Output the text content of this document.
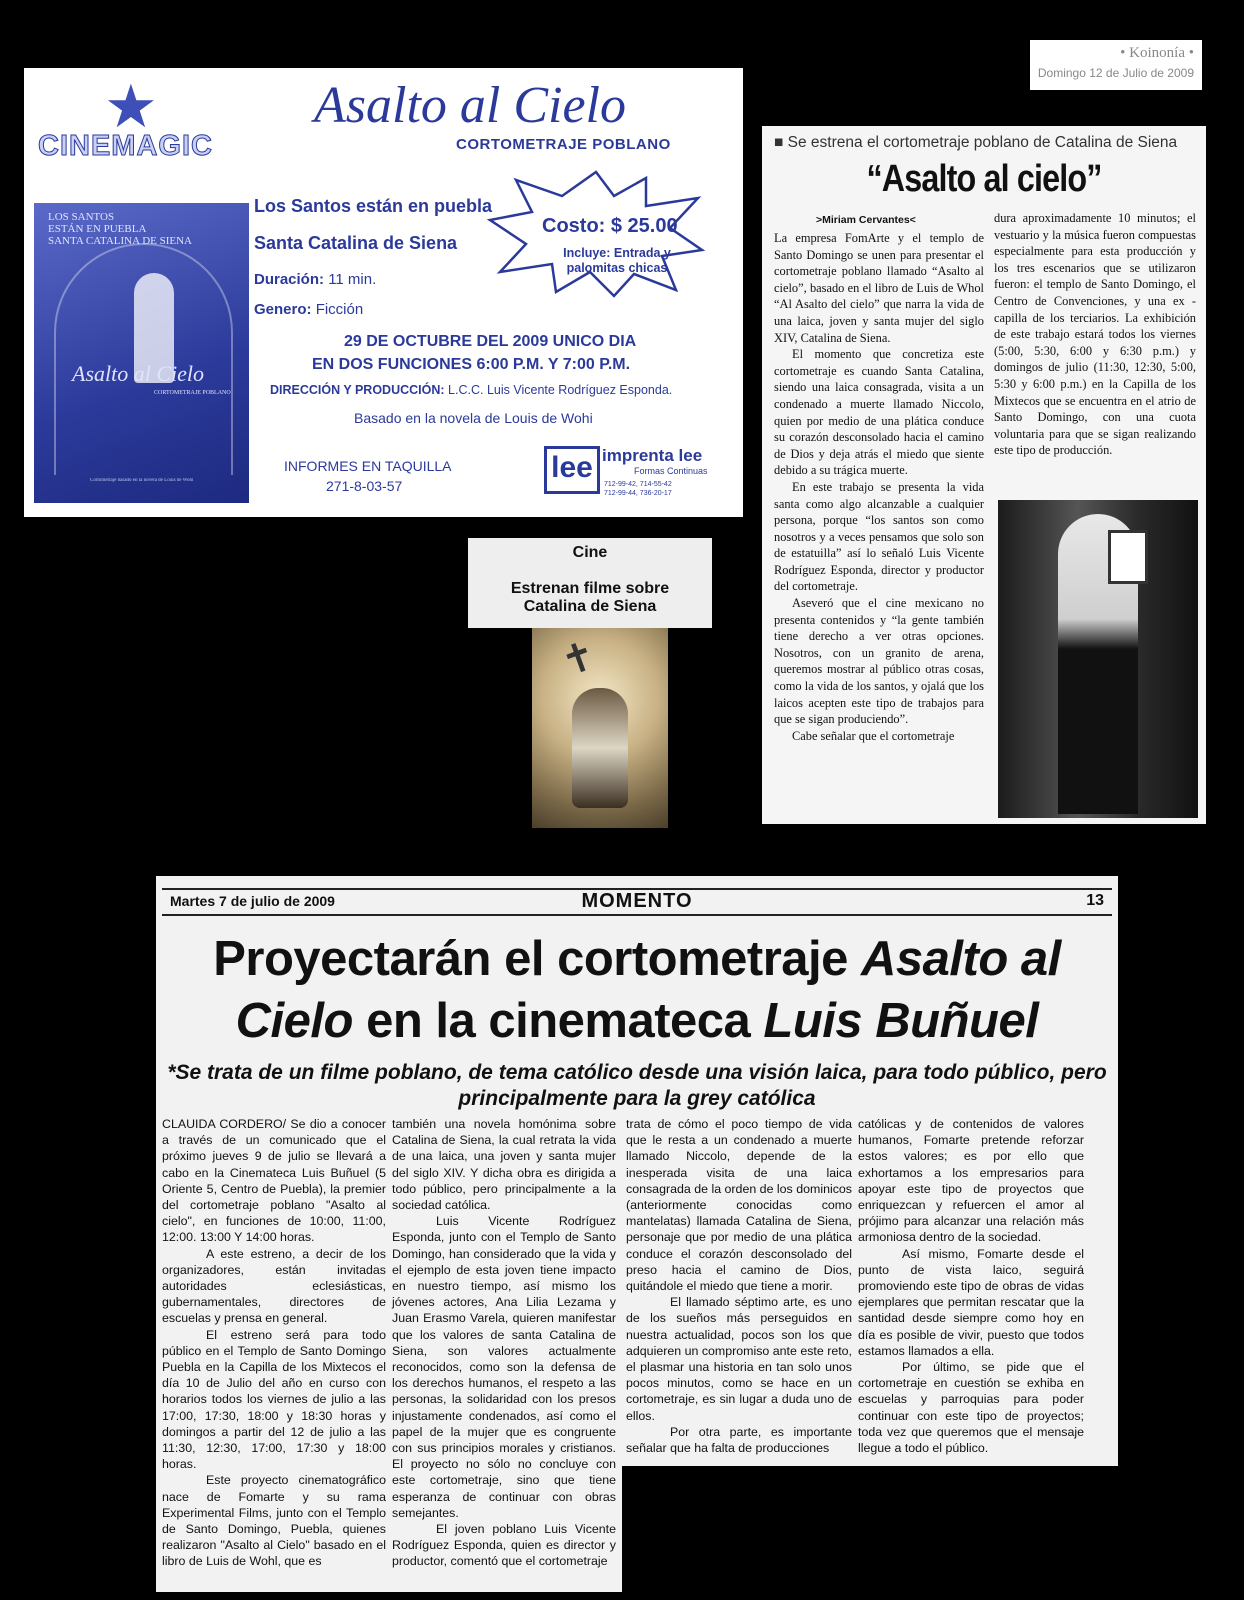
★
CINEMAGIC
Asalto al Cielo
CORTOMETRAJE POBLANO
LOS SANTOS
ESTÁN EN PUEBLA
SANTA CATALINA DE SIENA
Asalto al Cielo
CORTOMETRAJE POBLANO
Cortometraje basado en la novela de Louis de Wohl
Los Santos están en puebla
Santa Catalina de Siena
Duración: 11 min.
Genero: Ficción
Costo: $ 25.00
Incluye: Entrada y palomitas chicas
29 DE OCTUBRE DEL 2009 UNICO DIA
EN DOS FUNCIONES 6:00 P.M. Y 7:00 P.M.
DIRECCIÓN Y PRODUCCIÓN: L.C.C. Luis Vicente Rodríguez Esponda.
Basado en la novela de Louis de Wohi
INFORMES EN TAQUILLA
271-8-03-57
lee imprenta lee
Formas Continuas
712-99-42, 714-55-42
712-99-44, 736-20-17
• Koinonía •
Domingo 12 de Julio de 2009
■ Se estrena el cortometraje poblano de Catalina de Siena
“Asalto al cielo”
>Miriam Cervantes<

La empresa FomArte y el templo de Santo Domingo se unen para presentar el cortometraje poblano llamado “Asalto al cielo”, basado en el libro de Luis de Whol “Al Asalto del cielo” que narra la vida de una laica, joven y santa mujer del siglo XIV, Catalina de Siena.

El momento que concretiza este cortometraje es cuando Santa Catalina, siendo una laica consagrada, visita a un condenado a muerte llamado Niccolo, quien por medio de una plática conduce su corazón desconsolado hacia el camino de Dios y deja atrás el miedo que siente debido a su trágica muerte.

En este trabajo se presenta la vida santa como algo alcanzable a cualquier persona, porque “los santos son como nosotros y a veces pensamos que solo son de estatuilla” así lo señaló Luis Vicente Rodríguez Esponda, director y productor del cortometraje.

Aseveró que el cine mexicano no presenta contenidos y “la gente también tiene derecho a ver otras opciones. Nosotros, con un granito de arena, queremos mostrar al público otras cosas, como la vida de los santos, y ojalá que los laicos acepten este tipo de trabajos para que se sigan produciendo”.

Cabe señalar que el cortometraje

dura aproximadamente 10 minutos; el vestuario y la música fueron compuestas especialmente para esta producción y los tres escenarios que se utilizaron fueron: el templo de Santo Domingo, el Centro de Convenciones, y una ex -capilla de los terciarios. La exhibición de este trabajo estará todos los viernes (5:00, 5:30, 6:00 y 6:30 p.m.) y domingos de julio (11:30, 12:30, 5:00, 5:30 y 6:00 p.m.) en la Capilla de los Mixtecos que se encuentra en el atrio de Santo Domingo, con una cuota voluntaria para que se sigan realizando este tipo de producción.

Cine
Estrenan filme sobre
Catalina de Siena
✝
Martes 7 de julio de 2009	MOMENTO	13
Proyectarán el cortometraje Asalto al Cielo en la cinemateca Luis Buñuel
*Se trata de un filme poblano, de tema católico desde una visión laica, para todo público, pero principalmente para la grey católica

CLAUIDA CORDERO/ Se dio a conocer a través de un comunicado que el próximo jueves 9 de julio se llevará a cabo en la Cinemateca Luis Buñuel (5 Oriente 5, Centro de Puebla), la premier del cortometraje poblano "Asalto al cielo", en funciones de 10:00, 11:00, 12:00. 13:00 Y 14:00 horas.

A este estreno, a decir de los organizadores, están invitadas autoridades eclesiásticas, gubernamentales, directores de escuelas y prensa en general.

El estreno será para todo público en el Templo de Santo Domingo Puebla en la Capilla de los Mixtecos el día 10 de Julio del año en curso con horarios todos los viernes de julio a las 17:00, 17:30, 18:00 y 18:30 horas y domingos a partir del 12 de julio a las 11:30, 12:30, 17:00, 17:30 y 18:00 horas.

Este proyecto cinematográfico nace de Fomarte y su rama Experimental Films, junto con el Templo de Santo Domingo, Puebla, quienes realizaron "Asalto al Cielo" basado en el libro de Luis de Wohl, que es

también una novela homónima sobre Catalina de Siena, la cual retrata la vida de una laica, una joven y santa mujer del siglo XIV. Y dicha obra es dirigida a todo público, pero principalmente a la sociedad católica.

Luis Vicente Rodríguez Esponda, junto con el Templo de Santo Domingo, han considerado que la vida y el ejemplo de esta joven tiene impacto en nuestro tiempo, así mismo los jóvenes actores, Ana Lilia Lezama y Juan Erasmo Varela, quieren manifestar que los valores de santa Catalina de Siena, son valores actualmente reconocidos, como son la defensa de los derechos humanos, el respeto a las personas, la solidaridad con los presos injustamente condenados, así como el papel de la mujer que es congruente con sus principios morales y cristianos. El proyecto no sólo no concluye con este cortometraje, sino que tiene esperanza de continuar con obras semejantes.

El joven poblano Luis Vicente Rodríguez Esponda, quien es director y productor, comentó que el cortometraje

trata de cómo el poco tiempo de vida que le resta a un condenado a muerte llamado Niccolo, depende de la inesperada visita de una laica consagrada de la orden de los dominicos (anteriormente conocidas como mantelatas) llamada Catalina de Siena, personaje que por medio de una plática conduce el corazón desconsolado del preso hacia el camino de Dios, quitándole el miedo que tiene a morir.

El llamado séptimo arte, es uno de los sueños más perseguidos en nuestra actualidad, pocos son los que adquieren un compromiso ante este reto, el plasmar una historia en tan solo unos pocos minutos, como se hace en un cortometraje, es sin lugar a duda uno de ellos.

Por otra parte, es importante señalar que ha falta de producciones

católicas y de contenidos de valores humanos, Fomarte pretende reforzar estos valores; es por ello que exhortamos a los empresarios para apoyar este tipo de proyectos que enriquezcan y refuercen el amor al prójimo para alcanzar una relación más armoniosa dentro de la sociedad.

Así mismo, Fomarte desde el punto de vista laico, seguirá promoviendo este tipo de obras de vidas ejemplares que permitan rescatar que la santidad desde siempre como hoy en día es posible de vivir, puesto que todos estamos llamados a ella.

Por último, se pide que el cortometraje en cuestión se exhiba en escuelas y parroquias para poder continuar con este tipo de proyectos; toda vez que queremos que el mensaje llegue a todo el público.
